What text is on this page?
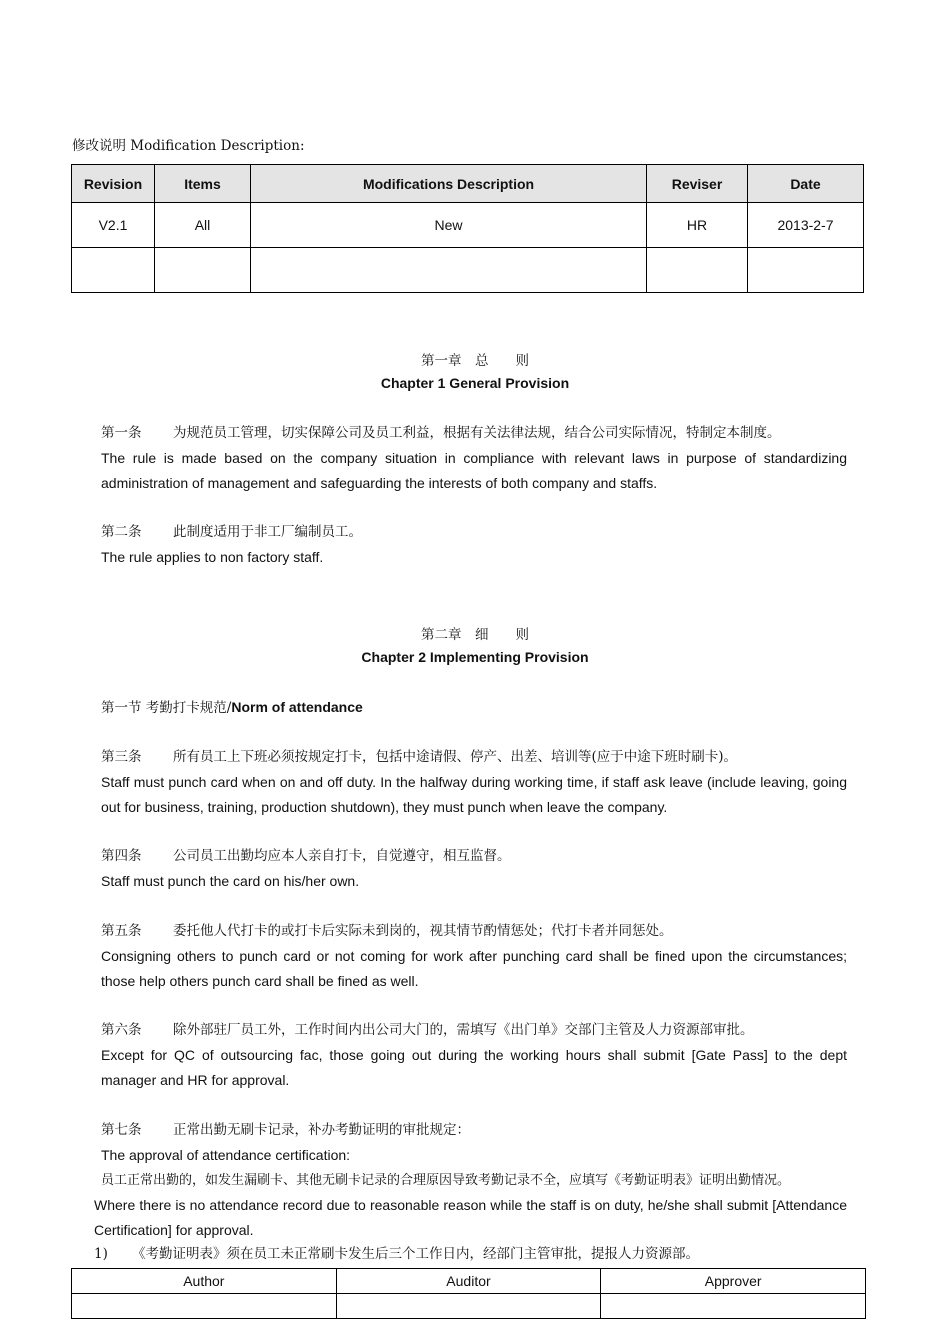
修改说明 Modification Description:
Revision	Items	Modifications Description	Reviser	Date
V2.1	All	New	HR	2013-2-7

第一章　总　　则
Chapter 1 General Provision
第一条 为规范员工管理，切实保障公司及员工利益，根据有关法律法规，结合公司实际情况，特制定本制度。
The rule is made based on the company situation in compliance with relevant laws in purpose of standardizing administration of management and safeguarding the interests of both company and staffs.
第二条 此制度适用于非工厂编制员工。
The rule applies to non factory staff.
第二章　细　　则
Chapter 2 Implementing Provision
第一节 考勤打卡规范/Norm of attendance
第三条 所有员工上下班必须按规定打卡，包括中途请假、停产、出差、培训等(应于中途下班时刷卡)。
Staff must punch card when on and off duty. In the halfway during working time, if staff ask leave (include leaving, going out for business, training, production shutdown), they must punch when leave the company.
第四条 公司员工出勤均应本人亲自打卡，自觉遵守，相互监督。
Staff must punch the card on his/her own.
第五条 委托他人代打卡的或打卡后实际未到岗的，视其情节酌情惩处；代打卡者并同惩处。
Consigning others to punch card or not coming for work after punching card shall be fined upon the circumstances; those help others punch card shall be fined as well.
第六条 除外部驻厂员工外，工作时间内出公司大门的，需填写《出门单》交部门主管及人力资源部审批。
Except for QC of outsourcing fac, those going out during the working hours shall submit [Gate Pass] to the dept manager and HR for approval.
第七条 正常出勤无刷卡记录，补办考勤证明的审批规定：
The approval of attendance certification:
员工正常出勤的，如发生漏刷卡、其他无刷卡记录的合理原因导致考勤记录不全，应填写《考勤证明表》证明出勤情况。
Where there is no attendance record due to reasonable reason while the staff is on duty, he/she shall submit [Attendance Certification] for approval.
1) 《考勤证明表》须在员工未正常刷卡发生后三个工作日内，经部门主管审批，提报人力资源部。
Author	Auditor	Approver
